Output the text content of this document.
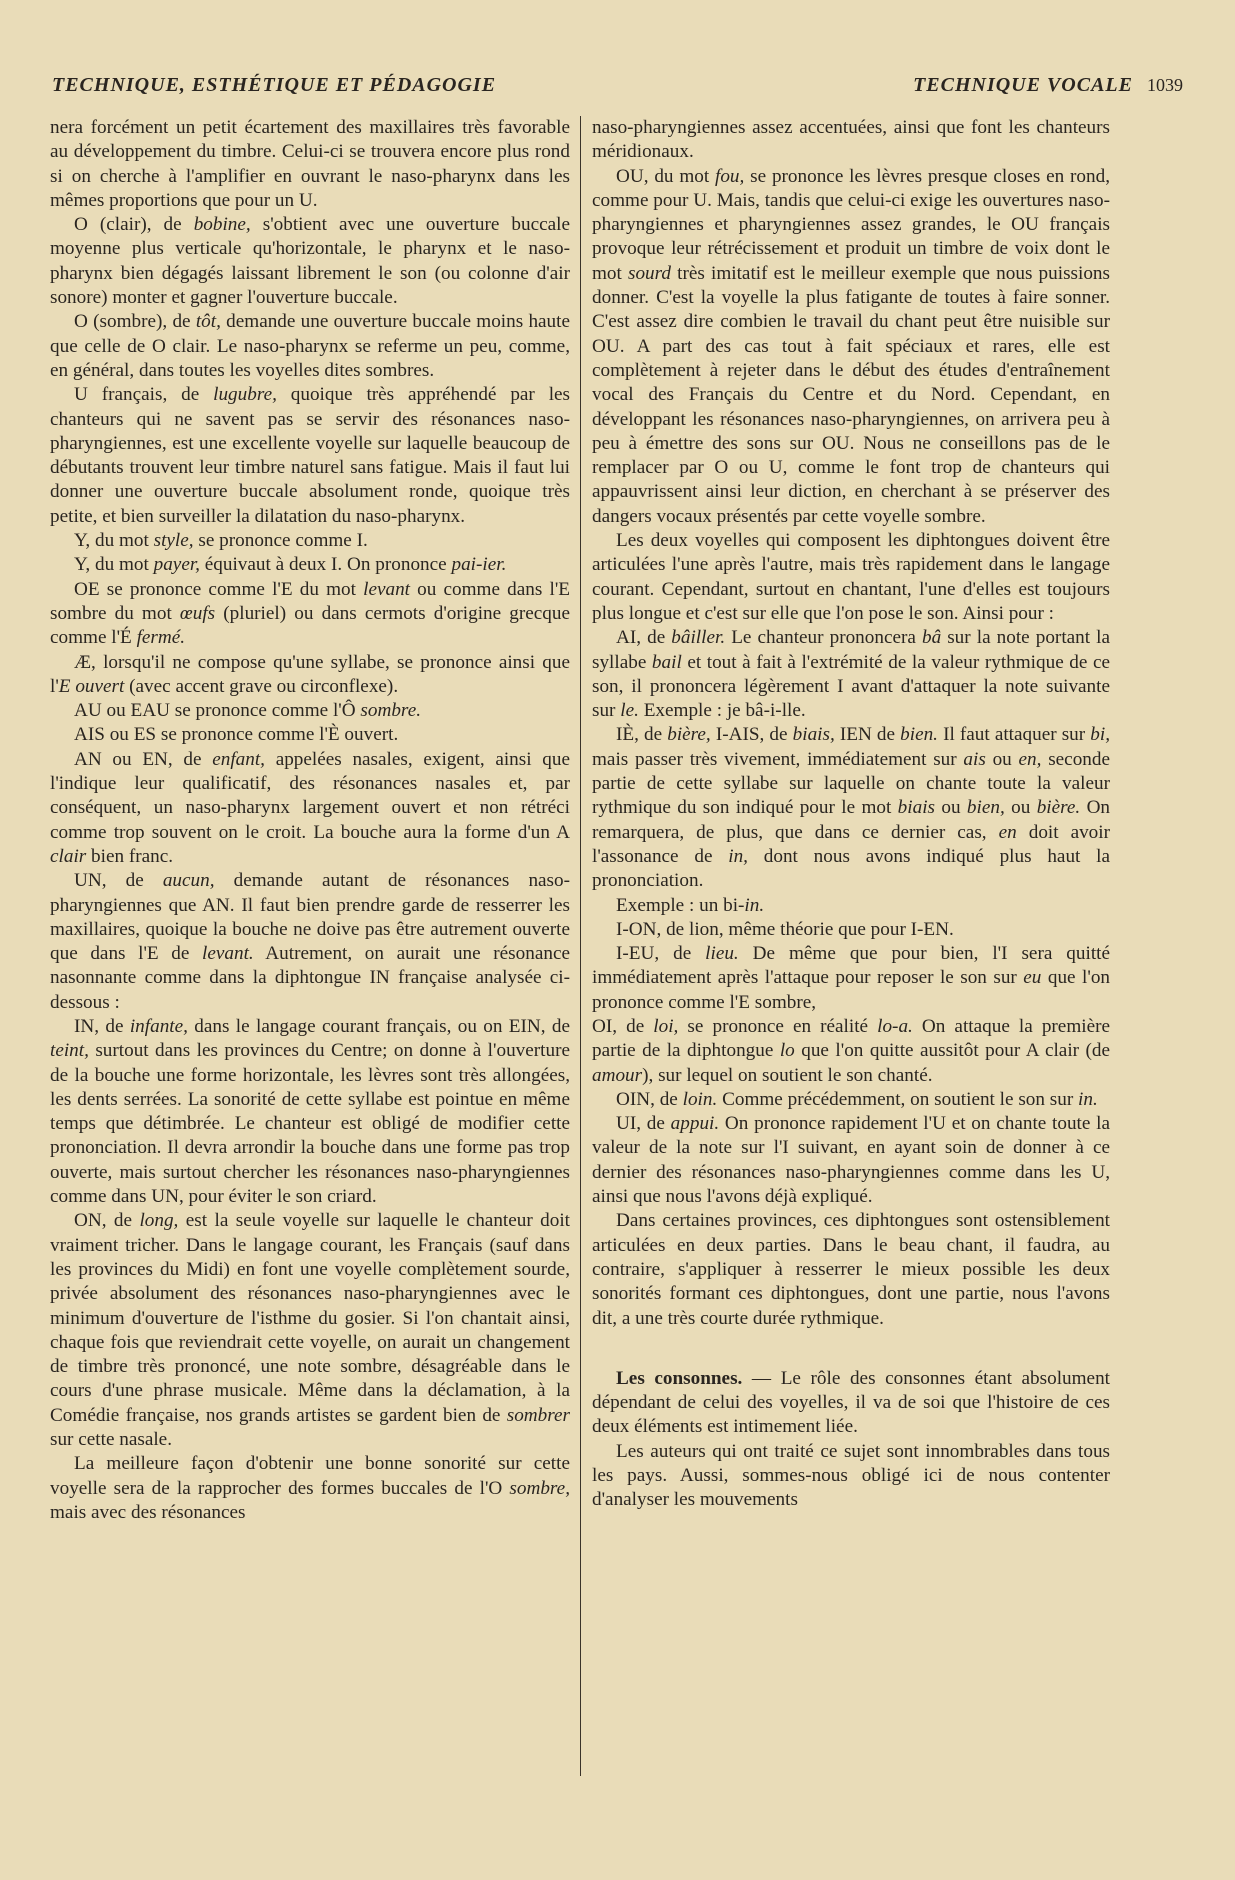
TECHNIQUE, ESTHÉTIQUE ET PÉDAGOGIE	TECHNIQUE VOCALE 1039

nera forcément un petit écartement des maxillaires très favorable au développement du timbre. Celui-ci se trouvera encore plus rond si on cherche à l'amplifier en ouvrant le naso-pharynx dans les mêmes proportions que pour un U.

O (clair), de bobine, s'obtient avec une ouverture buccale moyenne plus verticale qu'horizontale, le pharynx et le naso-pharynx bien dégagés laissant librement le son (ou colonne d'air sonore) monter et gagner l'ouverture buccale.

O (sombre), de tôt, demande une ouverture buccale moins haute que celle de O clair. Le naso-pharynx se referme un peu, comme, en général, dans toutes les voyelles dites sombres.

U français, de lugubre, quoique très appréhendé par les chanteurs qui ne savent pas se servir des résonances naso-pharyngiennes, est une excellente voyelle sur laquelle beaucoup de débutants trouvent leur timbre naturel sans fatigue. Mais il faut lui donner une ouverture buccale absolument ronde, quoique très petite, et bien surveiller la dilatation du naso-pharynx.

Y, du mot style, se prononce comme I.

Y, du mot payer, équivaut à deux I. On prononce pai-ier.

OE se prononce comme l'E du mot levant ou comme dans l'E sombre du mot œufs (pluriel) ou dans cermots d'origine grecque comme l'É fermé.

Æ, lorsqu'il ne compose qu'une syllabe, se prononce ainsi que l'E ouvert (avec accent grave ou circonflexe).

AU ou EAU se prononce comme l'Ô sombre.

AIS ou ES se prononce comme l'È ouvert.

AN ou EN, de enfant, appelées nasales, exigent, ainsi que l'indique leur qualificatif, des résonances nasales et, par conséquent, un naso-pharynx largement ouvert et non rétréci comme trop souvent on le croit. La bouche aura la forme d'un A clair bien franc.

UN, de aucun, demande autant de résonances naso-pharyngiennes que AN. Il faut bien prendre garde de resserrer les maxillaires, quoique la bouche ne doive pas être autrement ouverte que dans l'E de levant. Autrement, on aurait une résonance nasonnante comme dans la diphtongue IN française analysée ci-dessous :

IN, de infante, dans le langage courant français, ou on EIN, de teint, surtout dans les provinces du Centre; on donne à l'ouverture de la bouche une forme horizontale, les lèvres sont très allongées, les dents serrées. La sonorité de cette syllabe est pointue en même temps que détimbrée. Le chanteur est obligé de modifier cette prononciation. Il devra arrondir la bouche dans une forme pas trop ouverte, mais surtout chercher les résonances naso-pharyngiennes comme dans UN, pour éviter le son criard.

ON, de long, est la seule voyelle sur laquelle le chanteur doit vraiment tricher. Dans le langage courant, les Français (sauf dans les provinces du Midi) en font une voyelle complètement sourde, privée absolument des résonances naso-pharyngiennes avec le minimum d'ouverture de l'isthme du gosier. Si l'on chantait ainsi, chaque fois que reviendrait cette voyelle, on aurait un changement de timbre très prononcé, une note sombre, désagréable dans le cours d'une phrase musicale. Même dans la déclamation, à la Comédie française, nos grands artistes se gardent bien de sombrer sur cette nasale.

La meilleure façon d'obtenir une bonne sonorité sur cette voyelle sera de la rapprocher des formes buccales de l'O sombre, mais avec des résonances

naso-pharyngiennes assez accentuées, ainsi que font les chanteurs méridionaux.

OU, du mot fou, se prononce les lèvres presque closes en rond, comme pour U. Mais, tandis que celui-ci exige les ouvertures naso-pharyngiennes et pharyngiennes assez grandes, le OU français provoque leur rétrécissement et produit un timbre de voix dont le mot sourd très imitatif est le meilleur exemple que nous puissions donner. C'est la voyelle la plus fatigante de toutes à faire sonner. C'est assez dire combien le travail du chant peut être nuisible sur OU. A part des cas tout à fait spéciaux et rares, elle est complètement à rejeter dans le début des études d'entraînement vocal des Français du Centre et du Nord. Cependant, en développant les résonances naso-pharyngiennes, on arrivera peu à peu à émettre des sons sur OU. Nous ne conseillons pas de le remplacer par O ou U, comme le font trop de chanteurs qui appauvrissent ainsi leur diction, en cherchant à se préserver des dangers vocaux présentés par cette voyelle sombre.

Les deux voyelles qui composent les diphtongues doivent être articulées l'une après l'autre, mais très rapidement dans le langage courant. Cependant, surtout en chantant, l'une d'elles est toujours plus longue et c'est sur elle que l'on pose le son. Ainsi pour :

AI, de bâiller. Le chanteur prononcera bâ sur la note portant la syllabe bail et tout à fait à l'extrémité de la valeur rythmique de ce son, il prononcera légèrement I avant d'attaquer la note suivante sur le. Exemple : je bâ-i-lle.

IÈ, de bière, I-AIS, de biais, IEN de bien. Il faut attaquer sur bi, mais passer très vivement, immédiatement sur ais ou en, seconde partie de cette syllabe sur laquelle on chante toute la valeur rythmique du son indiqué pour le mot biais ou bien, ou bière. On remarquera, de plus, que dans ce dernier cas, en doit avoir l'assonance de in, dont nous avons indiqué plus haut la prononciation.

Exemple : un bi-in.

I-ON, de lion, même théorie que pour I-EN.

I-EU, de lieu. De même que pour bien, l'I sera quitté immédiatement après l'attaque pour reposer le son sur eu que l'on prononce comme l'E sombre,

OI, de loi, se prononce en réalité lo-a. On attaque la première partie de la diphtongue lo que l'on quitte aussitôt pour A clair (de amour), sur lequel on soutient le son chanté.

OIN, de loin. Comme précédemment, on soutient le son sur in.

UI, de appui. On prononce rapidement l'U et on chante toute la valeur de la note sur l'I suivant, en ayant soin de donner à ce dernier des résonances naso-pharyngiennes comme dans les U, ainsi que nous l'avons déjà expliqué.

Dans certaines provinces, ces diphtongues sont ostensiblement articulées en deux parties. Dans le beau chant, il faudra, au contraire, s'appliquer à resserrer le mieux possible les deux sonorités formant ces diphtongues, dont une partie, nous l'avons dit, a une très courte durée rythmique.

Les consonnes. — Le rôle des consonnes étant absolument dépendant de celui des voyelles, il va de soi que l'histoire de ces deux éléments est intimement liée.

Les auteurs qui ont traité ce sujet sont innombrables dans tous les pays. Aussi, sommes-nous obligé ici de nous contenter d'analyser les mouvements
